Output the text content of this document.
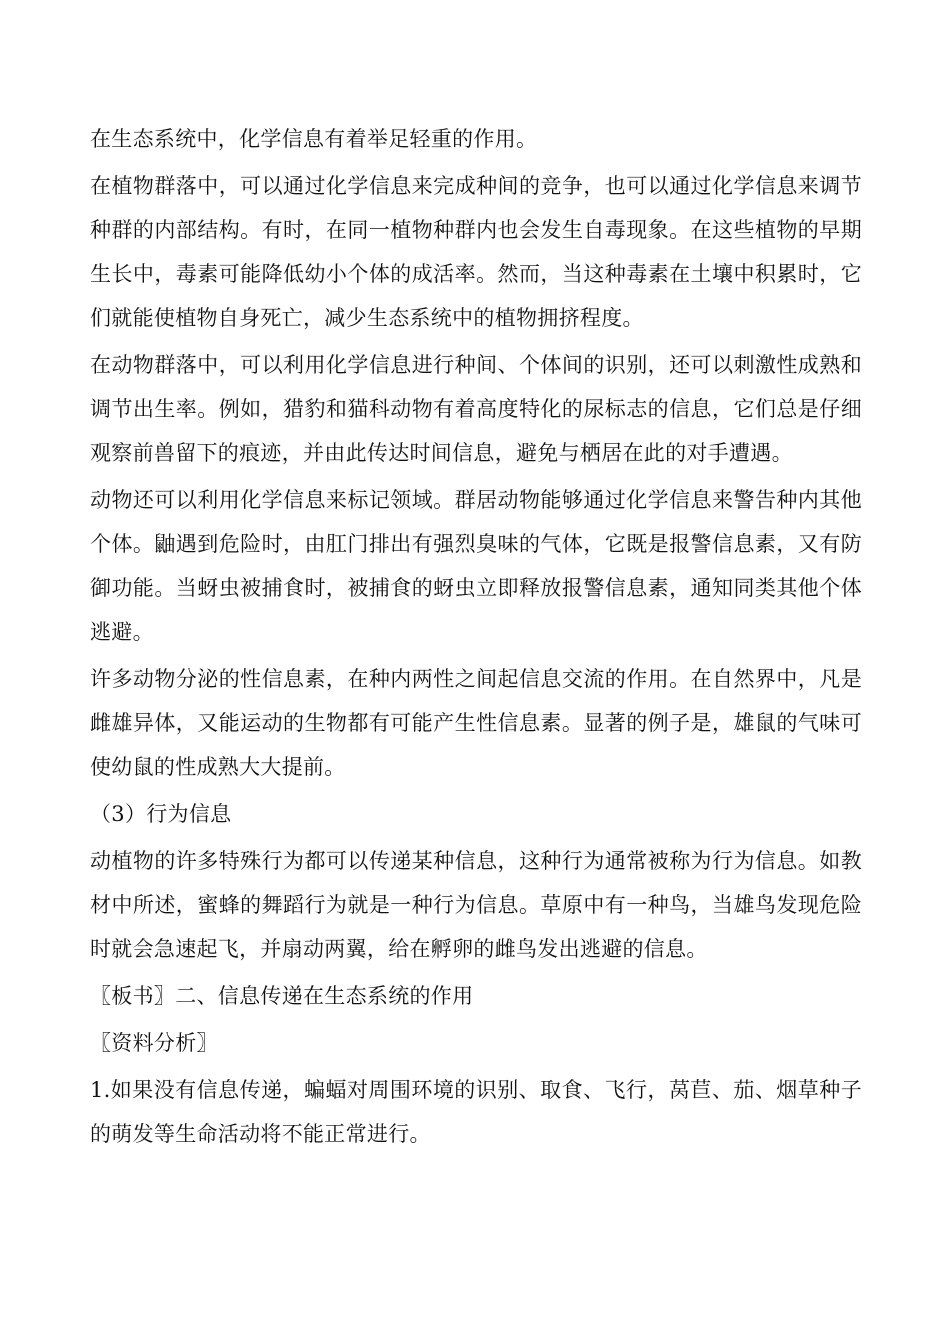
在生态系统中，化学信息有着举足轻重的作用。

在植物群落中，可以通过化学信息来完成种间的竞争，也可以通过化学信息来调节种群的内部结构。有时，在同一植物种群内也会发生自毒现象。在这些植物的早期生长中，毒素可能降低幼小个体的成活率。然而，当这种毒素在土壤中积累时，它们就能使植物自身死亡，减少生态系统中的植物拥挤程度。

在动物群落中，可以利用化学信息进行种间、个体间的识别，还可以刺激性成熟和调节出生率。例如，猎豹和猫科动物有着高度特化的尿标志的信息，它们总是仔细观察前兽留下的痕迹，并由此传达时间信息，避免与栖居在此的对手遭遇。

动物还可以利用化学信息来标记领域。群居动物能够通过化学信息来警告种内其他个体。鼬遇到危险时，由肛门排出有强烈臭味的气体，它既是报警信息素，又有防御功能。当蚜虫被捕食时，被捕食的蚜虫立即释放报警信息素，通知同类其他个体逃避。

许多动物分泌的性信息素，在种内两性之间起信息交流的作用。在自然界中，凡是雌雄异体，又能运动的生物都有可能产生性信息素。显著的例子是，雄鼠的气味可使幼鼠的性成熟大大提前。

（3）行为信息

动植物的许多特殊行为都可以传递某种信息，这种行为通常被称为行为信息。如教材中所述，蜜蜂的舞蹈行为就是一种行为信息。草原中有一种鸟，当雄鸟发现危险时就会急速起飞，并扇动两翼，给在孵卵的雌鸟发出逃避的信息。

〖板书〗二、信息传递在生态系统的作用

〖资料分析〗

1.如果没有信息传递，蝙蝠对周围环境的识别、取食、飞行，莴苣、茄、烟草种子的萌发等生命活动将不能正常进行。
